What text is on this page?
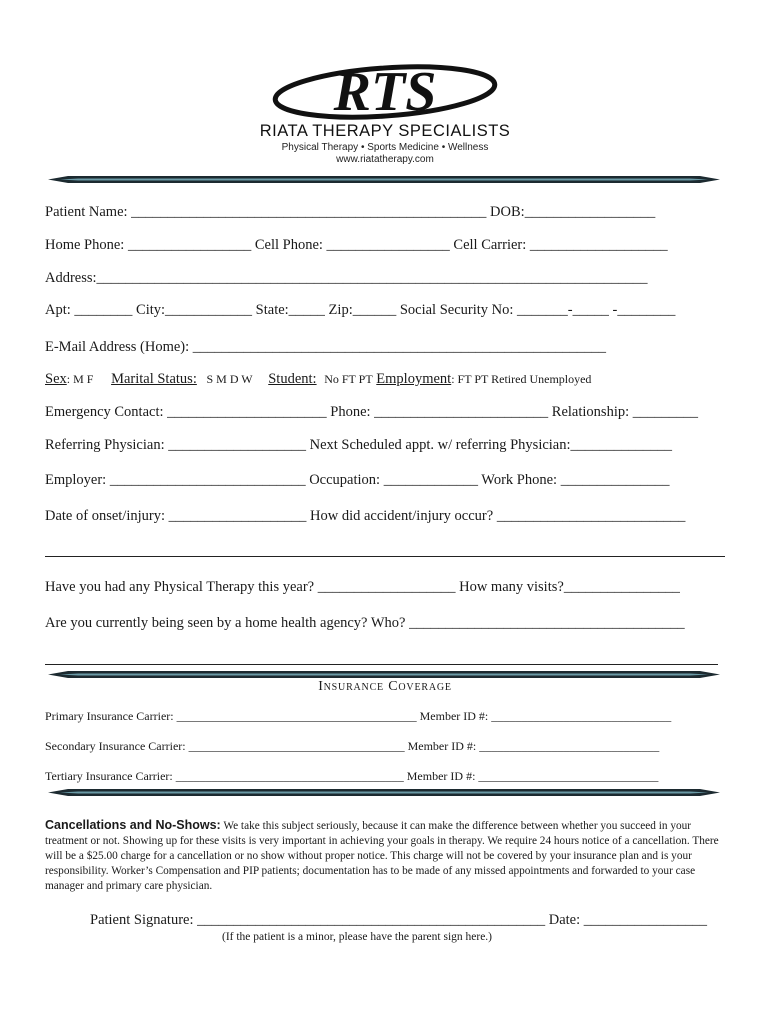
RTS
RIATA THERAPY SPECIALISTS
Physical Therapy • Sports Medicine • Wellness
www.riatatherapy.com
Patient Name: _________________________________________________ DOB:__________________
Home Phone: _________________ Cell Phone: _________________ Cell Carrier: ___________________
Address:____________________________________________________________________________
Apt: ________ City:____________ State:_____ Zip:______ Social Security No: _______-_____ -________
E-Mail Address (Home): _________________________________________________________
Sex: M F Marital Status: S M D W Student: No FT PT Employment: FT PT Retired Unemployed
Emergency Contact: ______________________ Phone: ________________________ Relationship: _________
Referring Physician: ___________________ Next Scheduled appt. w/ referring Physician:______________
Employer: ___________________________ Occupation: _____________ Work Phone: _______________
Date of onset/injury: ___________________ How did accident/injury occur? __________________________
Have you had any Physical Therapy this year? ___________________ How many visits?________________
Are you currently being seen by a home health agency? Who? ______________________________________
Insurance Coverage
Primary Insurance Carrier: ________________________________________ Member ID #: ______________________________
Secondary Insurance Carrier: ____________________________________ Member ID #: ______________________________
Tertiary Insurance Carrier: ______________________________________ Member ID #: ______________________________
Cancellations and No-Shows: We take this subject seriously, because it can make the difference between whether you succeed in your treatment or not. Showing up for these visits is very important in achieving your goals in therapy. We require 24 hours notice of a cancellation. There will be a $25.00 charge for a cancellation or no show without proper notice. This charge will not be covered by your insurance plan and is your responsibility. Worker’s Compensation and PIP patients; documentation has to be made of any missed appointments and forwarded to your case manager and primary care physician.
Patient Signature: ________________________________________________ Date: _________________
(If the patient is a minor, please have the parent sign here.)
